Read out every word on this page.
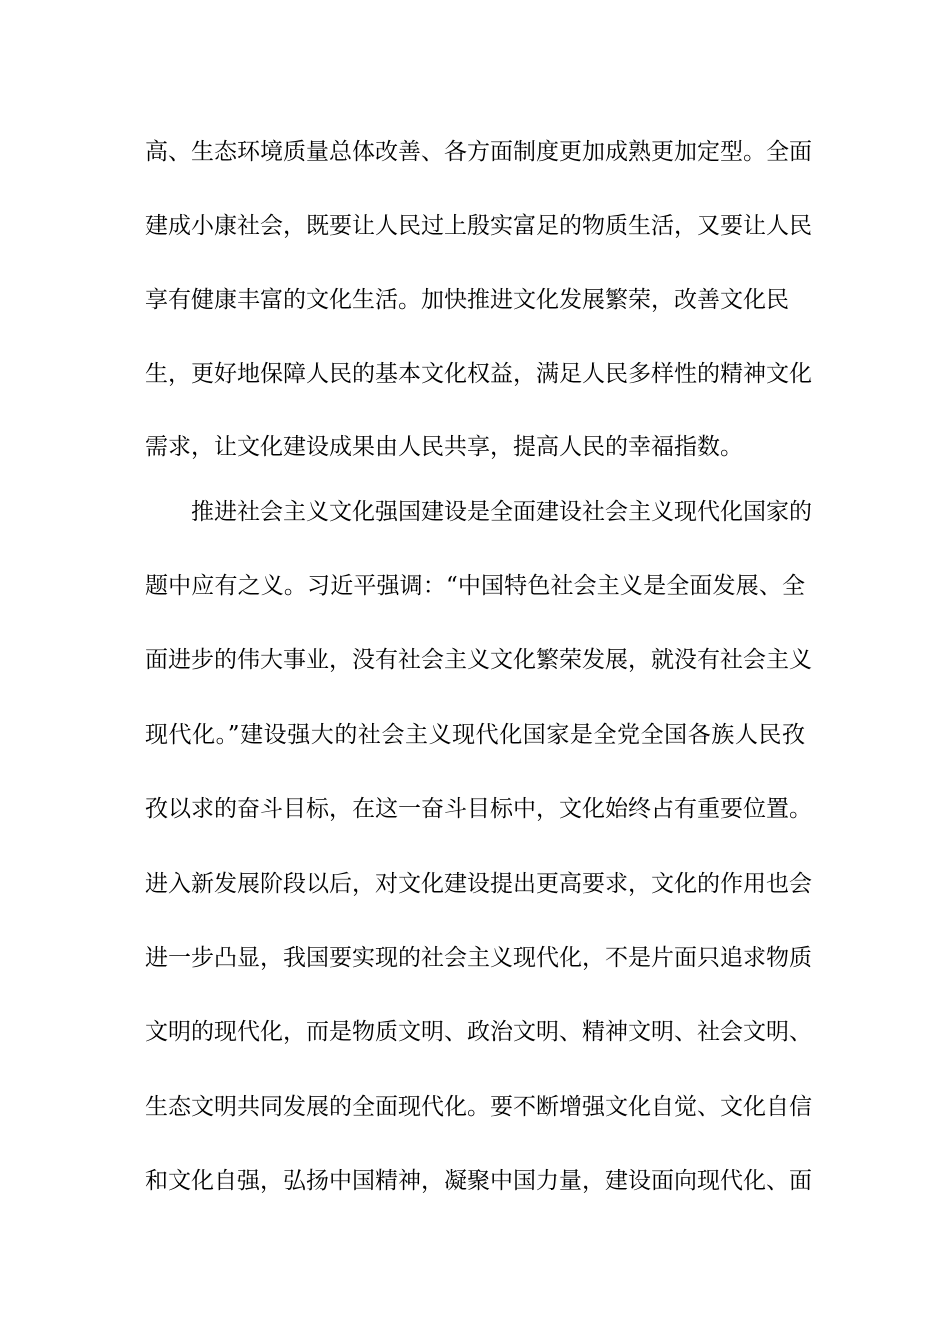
高、生态环境质量总体改善、各方面制度更加成熟更加定型。全面
建成小康社会，既要让人民过上殷实富足的物质生活，又要让人民
享有健康丰富的文化生活。加快推进文化发展繁荣，改善文化民
生，更好地保障人民的基本文化权益，满足人民多样性的精神文化
需求，让文化建设成果由人民共享，提高人民的幸福指数。
推进社会主义文化强国建设是全面建设社会主义现代化国家的
题中应有之义。习近平强调：“中国特色社会主义是全面发展、全
面进步的伟大事业，没有社会主义文化繁荣发展，就没有社会主义
现代化。”建设强大的社会主义现代化国家是全党全国各族人民孜
孜以求的奋斗目标，在这一奋斗目标中，文化始终占有重要位置。
进入新发展阶段以后，对文化建设提出更高要求，文化的作用也会
进一步凸显，我国要实现的社会主义现代化，不是片面只追求物质
文明的现代化，而是物质文明、政治文明、精神文明、社会文明、
生态文明共同发展的全面现代化。要不断增强文化自觉、文化自信
和文化自强，弘扬中国精神，凝聚中国力量，建设面向现代化、面
